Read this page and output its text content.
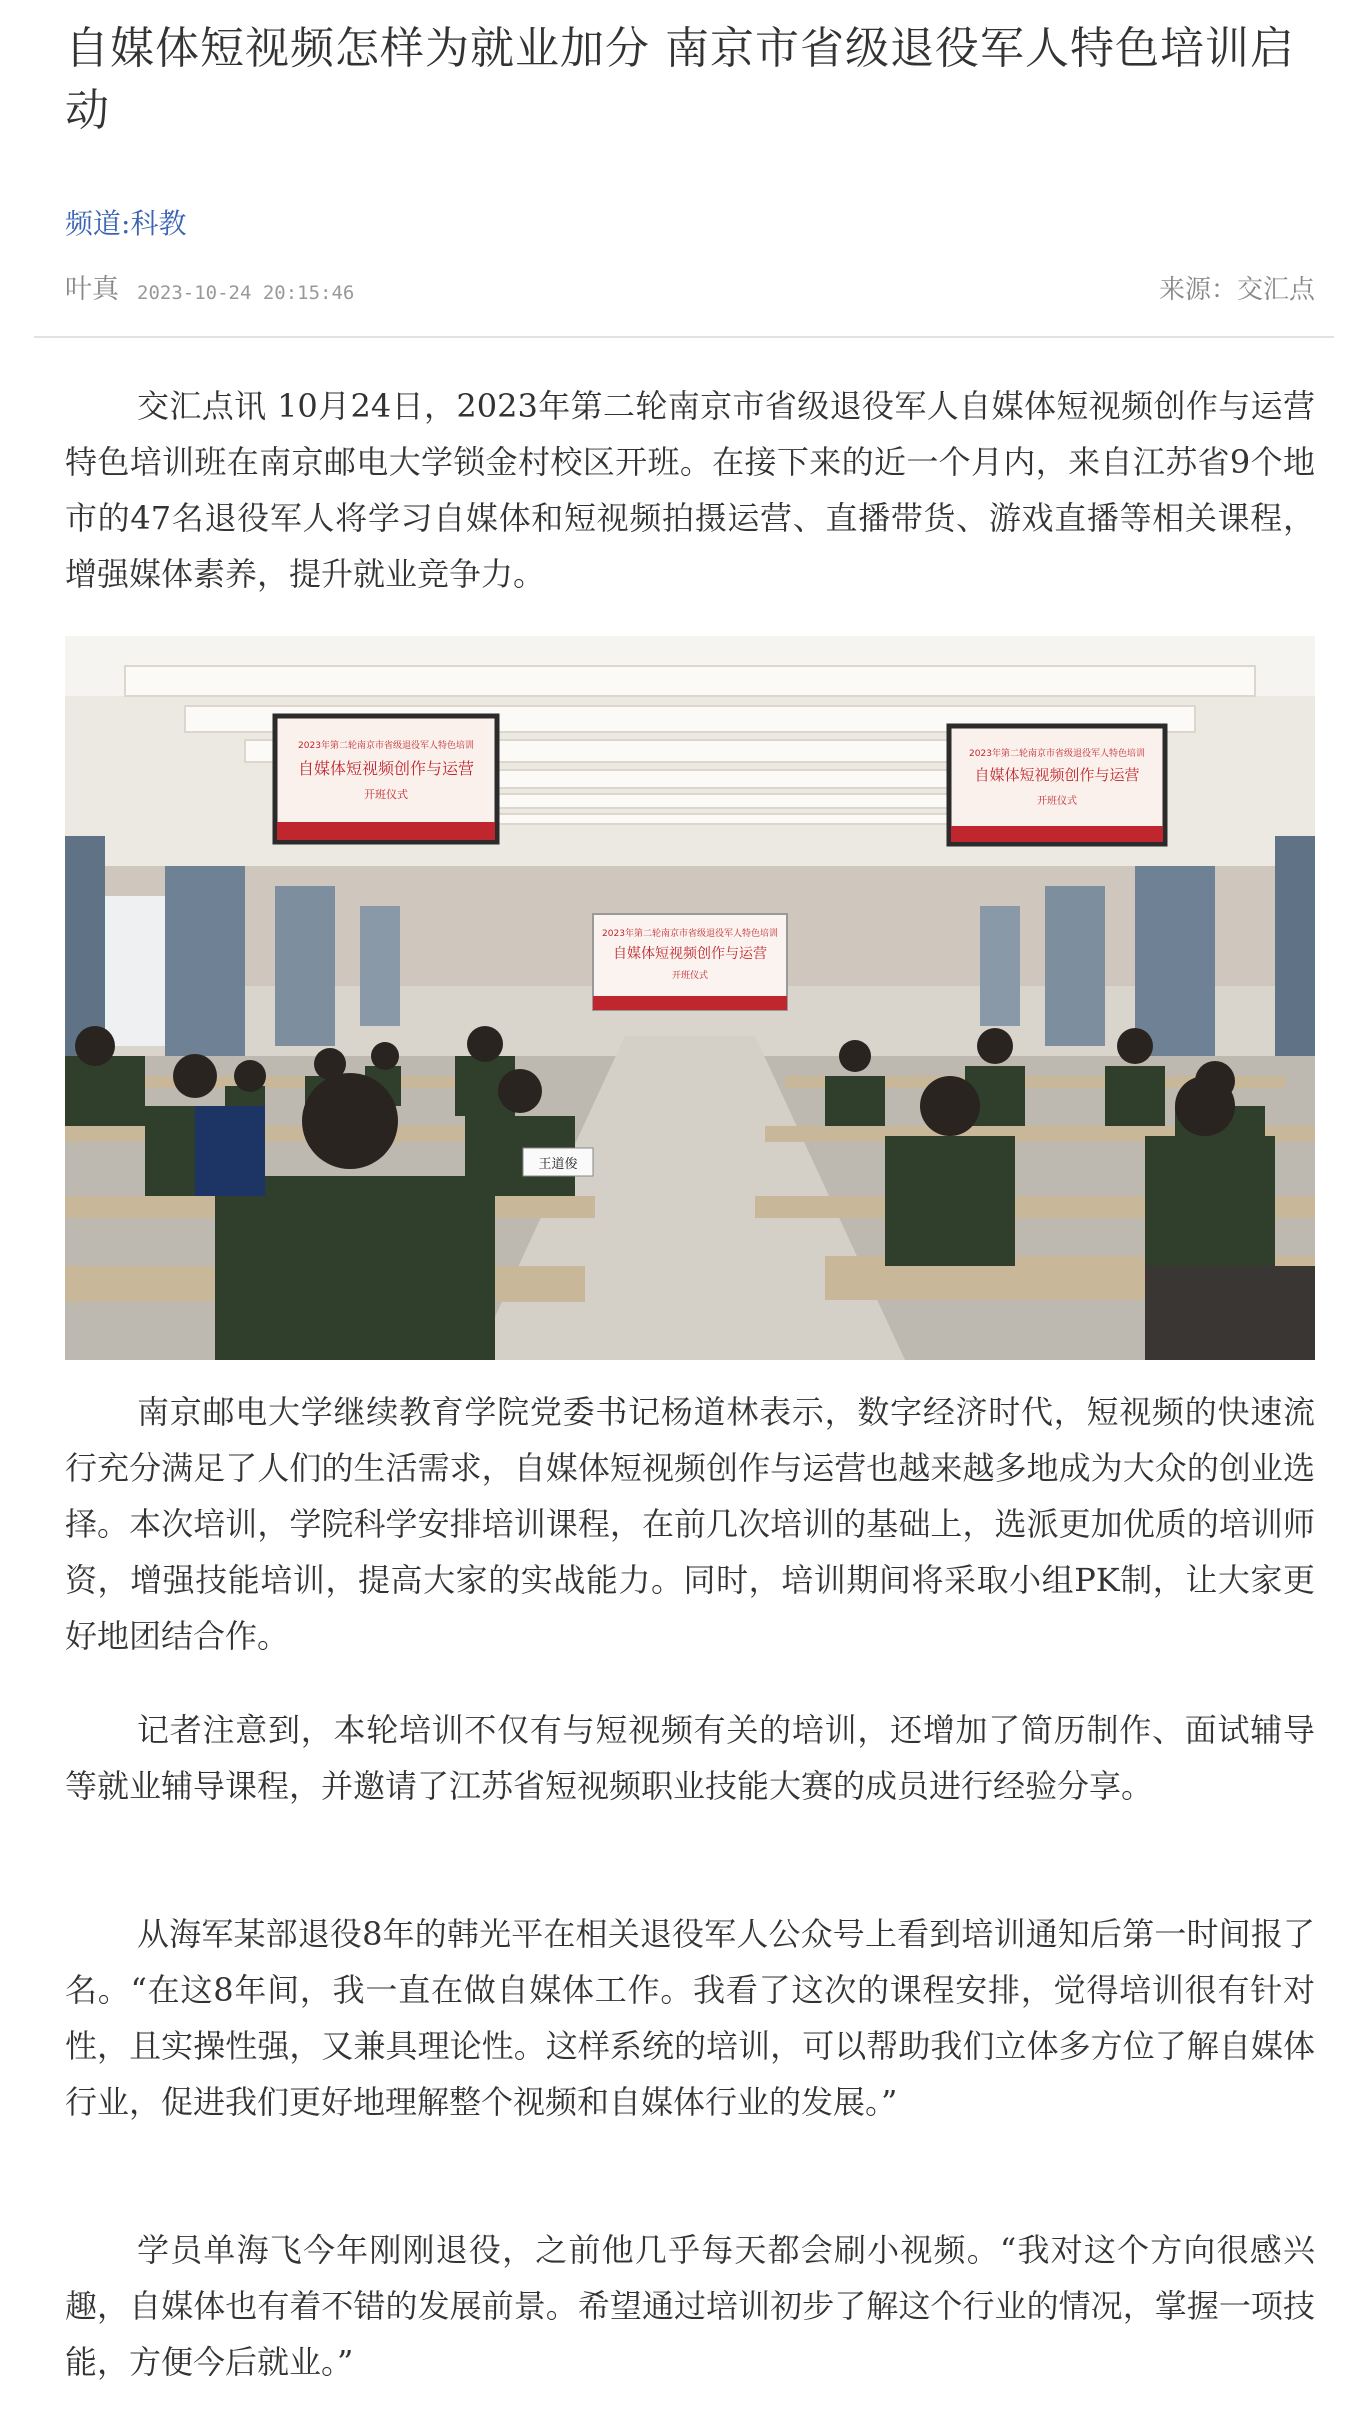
自媒体短视频怎样为就业加分 南京市省级退役军人特色培训启动
频道:科教
叶真 2023-10-24 20:15:46	来源：交汇点

交汇点讯 10月24日，2023年第二轮南京市省级退役军人自媒体短视频创作与运营特色培训班在南京邮电大学锁金村校区开班。在接下来的近一个月内，来自江苏省9个地市的47名退役军人将学习自媒体和短视频拍摄运营、直播带货、游戏直播等相关课程，增强媒体素养，提升就业竞争力。

2023年第二轮南京市省级退役军人特色培训
自媒体短视频创作与运营
开班仪式
2023年第二轮南京市省级退役军人特色培训
自媒体短视频创作与运营
开班仪式
2023年第二轮南京市省级退役军人特色培训
自媒体短视频创作与运营
开班仪式
王道俊

南京邮电大学继续教育学院党委书记杨道林表示，数字经济时代，短视频的快速流行充分满足了人们的生活需求，自媒体短视频创作与运营也越来越多地成为大众的创业选择。本次培训，学院科学安排培训课程，在前几次培训的基础上，选派更加优质的培训师资，增强技能培训，提高大家的实战能力。同时，培训期间将采取小组PK制，让大家更好地团结合作。

记者注意到，本轮培训不仅有与短视频有关的培训，还增加了简历制作、面试辅导等就业辅导课程，并邀请了江苏省短视频职业技能大赛的成员进行经验分享。

从海军某部退役8年的韩光平在相关退役军人公众号上看到培训通知后第一时间报了名。“在这8年间，我一直在做自媒体工作。我看了这次的课程安排，觉得培训很有针对性，且实操性强，又兼具理论性。这样系统的培训，可以帮助我们立体多方位了解自媒体行业，促进我们更好地理解整个视频和自媒体行业的发展。”

学员单海飞今年刚刚退役，之前他几乎每天都会刷小视频。“我对这个方向很感兴趣，自媒体也有着不错的发展前景。希望通过培训初步了解这个行业的情况，掌握一项技能，方便今后就业。”
